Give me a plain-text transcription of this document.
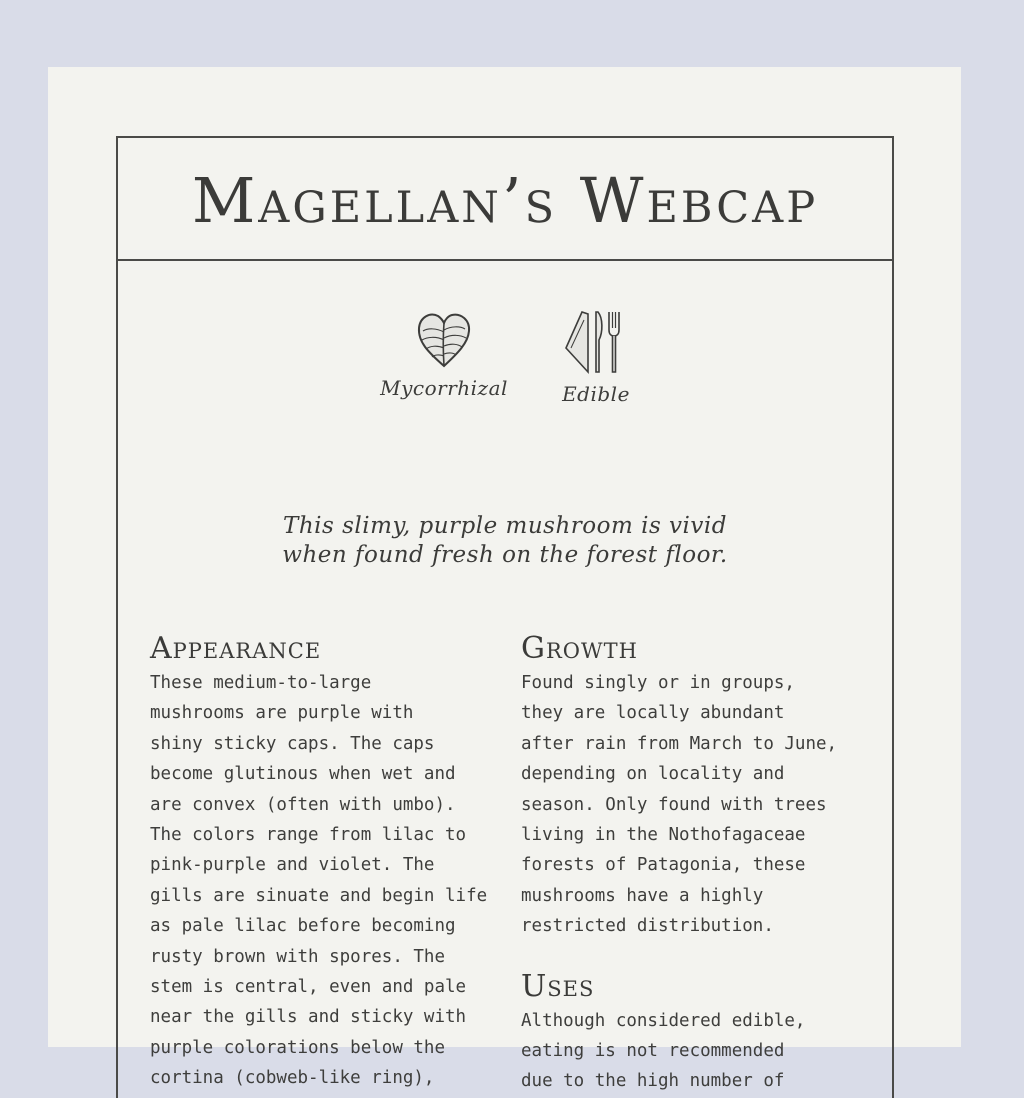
Magellan’s Webcap
Mycorrhizal	Edible
This slimy, purple mushroom is vivid
when found fresh on the forest floor.
Appearance

These medium-to-large
mushrooms are purple with
shiny sticky caps. The caps
become glutinous when wet and
are convex (often with umbo).
The colors range from lilac to
pink-purple and violet. The
gills are sinuate and begin life
as pale lilac before becoming
rusty brown with spores. The
stem is central, even and pale
near the gills and sticky with
purple colorations below the
cortina (cobweb-like ring),

Growth

Found singly or in groups,
they are locally abundant
after rain from March to June,
depending on locality and
season. Only found with trees
living in the Nothofagaceae
forests of Patagonia, these
mushrooms have a highly
restricted distribution.

Uses

Although considered edible,
eating is not recommended
due to the high number of
